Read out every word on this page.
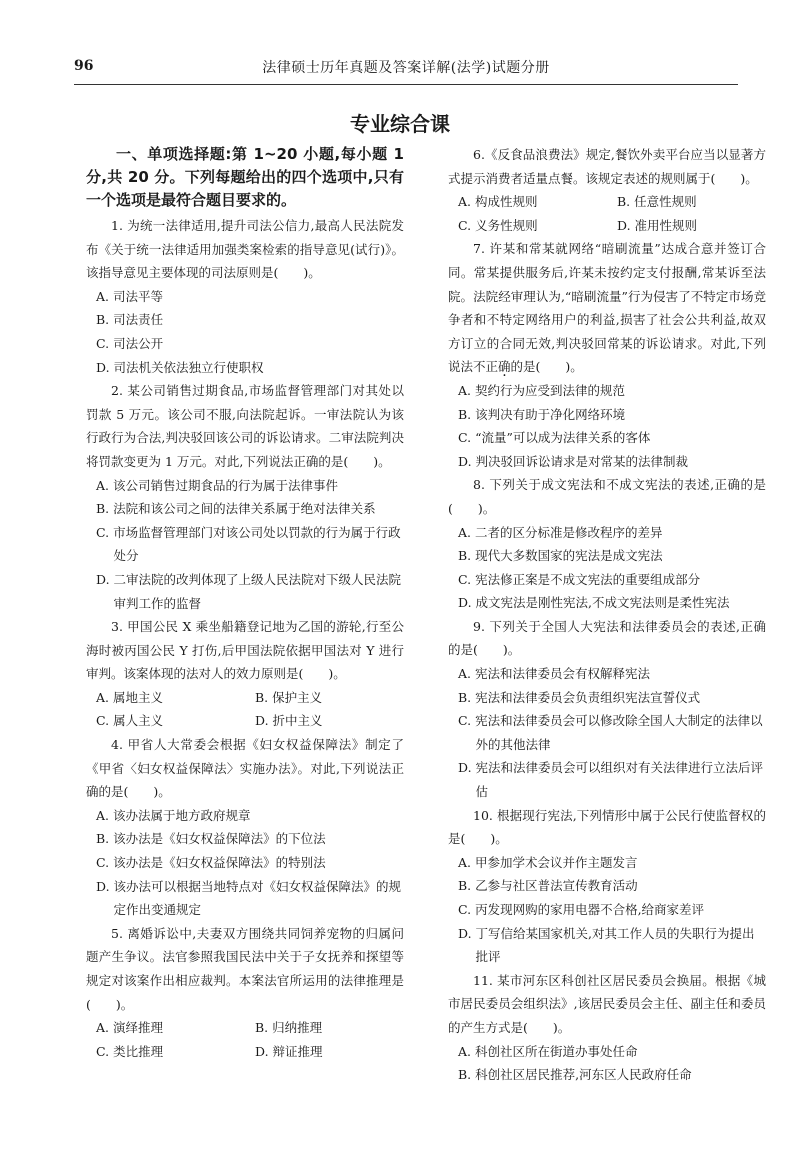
96	法律硕士历年真题及答案详解(法学)试题分册
专业综合课
一、单项选择题:第 1~20 小题,每小题 1 分,共 20 分。下列每题给出的四个选项中,只有一个选项是最符合题目要求的。
1. 为统一法律适用,提升司法公信力,最高人民法院发布《关于统一法律适用加强类案检索的指导意见(试行)》。该指导意见主要体现的司法原则是(　　)。
A. 司法平等
B. 司法责任
C. 司法公开
D. 司法机关依法独立行使职权
2. 某公司销售过期食品,市场监督管理部门对其处以罚款 5 万元。该公司不服,向法院起诉。一审法院认为该行政行为合法,判决驳回该公司的诉讼请求。二审法院判决将罚款变更为 1 万元。对此,下列说法正确的是(　　)。
A. 该公司销售过期食品的行为属于法律事件
B. 法院和该公司之间的法律关系属于绝对法律关系
C. 市场监督管理部门对该公司处以罚款的行为属于行政处分
D. 二审法院的改判体现了上级人民法院对下级人民法院审判工作的监督
3. 甲国公民 X 乘坐船籍登记地为乙国的游轮,行至公海时被丙国公民 Y 打伤,后甲国法院依据甲国法对 Y 进行审判。该案体现的法对人的效力原则是(　　)。
A. 属地主义	B. 保护主义
C. 属人主义	D. 折中主义
4. 甲省人大常委会根据《妇女权益保障法》制定了《甲省〈妇女权益保障法〉实施办法》。对此,下列说法正确的是(　　)。
A. 该办法属于地方政府规章
B. 该办法是《妇女权益保障法》的下位法
C. 该办法是《妇女权益保障法》的特别法
D. 该办法可以根据当地特点对《妇女权益保障法》的规定作出变通规定
5. 离婚诉讼中,夫妻双方围绕共同饲养宠物的归属问题产生争议。法官参照我国民法中关于子女抚养和探望等规定对该案作出相应裁判。本案法官所运用的法律推理是(　　)。
A. 演绎推理	B. 归纳推理
C. 类比推理	D. 辩证推理
6.《反食品浪费法》规定,餐饮外卖平台应当以显著方式提示消费者适量点餐。该规定表述的规则属于(　　)。
A. 构成性规则	B. 任意性规则
C. 义务性规则	D. 准用性规则
7. 许某和常某就网络“暗刷流量”达成合意并签订合同。常某提供服务后,许某未按约定支付报酬,常某诉至法院。法院经审理认为,“暗刷流量”行为侵害了不特定市场竞争者和不特定网络用户的利益,损害了社会公共利益,故双方订立的合同无效,判决驳回常某的诉讼请求。对此,下列说法不 ·正确的是(　　)。
A. 契约行为应受到法律的规范
B. 该判决有助于净化网络环境
C. “流量”可以成为法律关系的客体
D. 判决驳回诉讼请求是对常某的法律制裁
8. 下列关于成文宪法和不成文宪法的表述,正确的是(　　)。
A. 二者的区分标准是修改程序的差异
B. 现代大多数国家的宪法是成文宪法
C. 宪法修正案是不成文宪法的重要组成部分
D. 成文宪法是刚性宪法,不成文宪法则是柔性宪法
9. 下列关于全国人大宪法和法律委员会的表述,正确的是(　　)。
A. 宪法和法律委员会有权解释宪法
B. 宪法和法律委员会负责组织宪法宣誓仪式
C. 宪法和法律委员会可以修改除全国人大制定的法律以外的其他法律
D. 宪法和法律委员会可以组织对有关法律进行立法后评估
10. 根据现行宪法,下列情形中属于公民行使监督权的是(　　)。
A. 甲参加学术会议并作主题发言
B. 乙参与社区普法宣传教育活动
C. 丙发现网购的家用电器不合格,给商家差评
D. 丁写信给某国家机关,对其工作人员的失职行为提出批评
11. 某市河东区科创社区居民委员会换届。根据《城市居民委员会组织法》,该居民委员会主任、副主任和委员的产生方式是(　　)。
A. 科创社区所在街道办事处任命
B. 科创社区居民推荐,河东区人民政府任命
